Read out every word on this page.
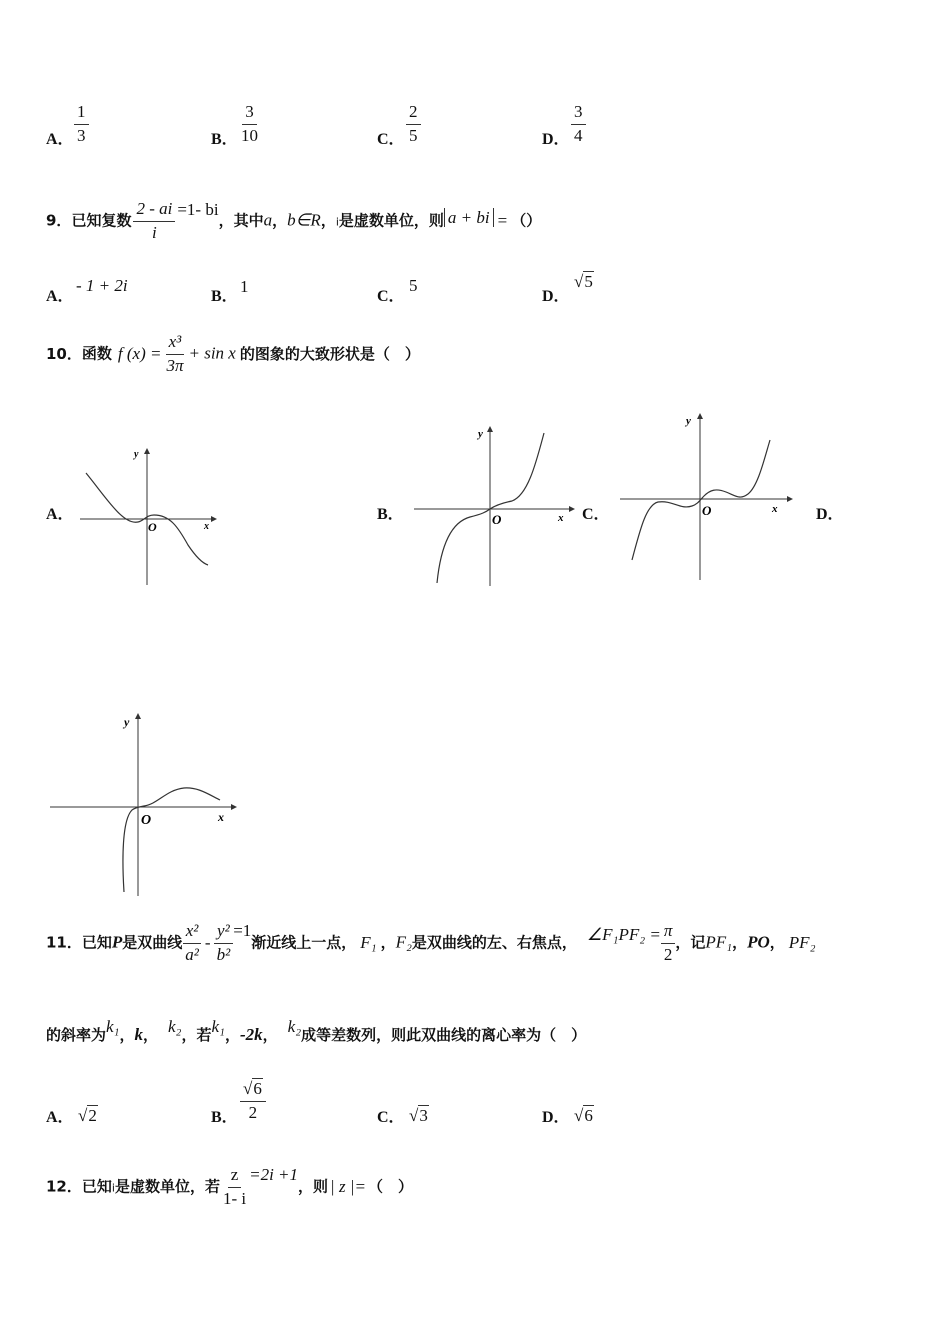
A． $\frac{1}{3}$	B． $\frac{3}{10}$	C． $\frac{2}{5}$	D． $\frac{3}{4}$
9．已知复数 $\frac{2 - ai}{i} =1-$ bi，其中a，b∈R，i是虚数单位，则 a + bi = （）
A．
- 1 + 2i
B．
1
C．
5
D．
√5
10．函数 f $(x) = \frac{\text{x³}}{3\pi} + \sin x$ 的图象的大致形状是（　）
A．	B．	C．	D．
x
y
O
x
y
O
x
y
O
x
y
O
11．已知P是双曲线 $\frac{\text{x²}}{\text{a²}} - \frac{\text{y²}}{\text{b²}} =1$渐近线上一点， F₁ ，F₂是双曲线的左、右焦点， ∠F₁PF₂ = $\frac{\pi}{2}$ ，记PF₁，PO， PF₂
的斜率为k₁，k， k₂，若k₁，-2k， k₂成等差数列，则此双曲线的离心率为（　）
A． √2	B． $\frac{√6}{2}$	C． √3	D． √6
12．已知i是虚数单位，若 $\frac{z}{1- i} =2i +1$，则 | z |= （　）
